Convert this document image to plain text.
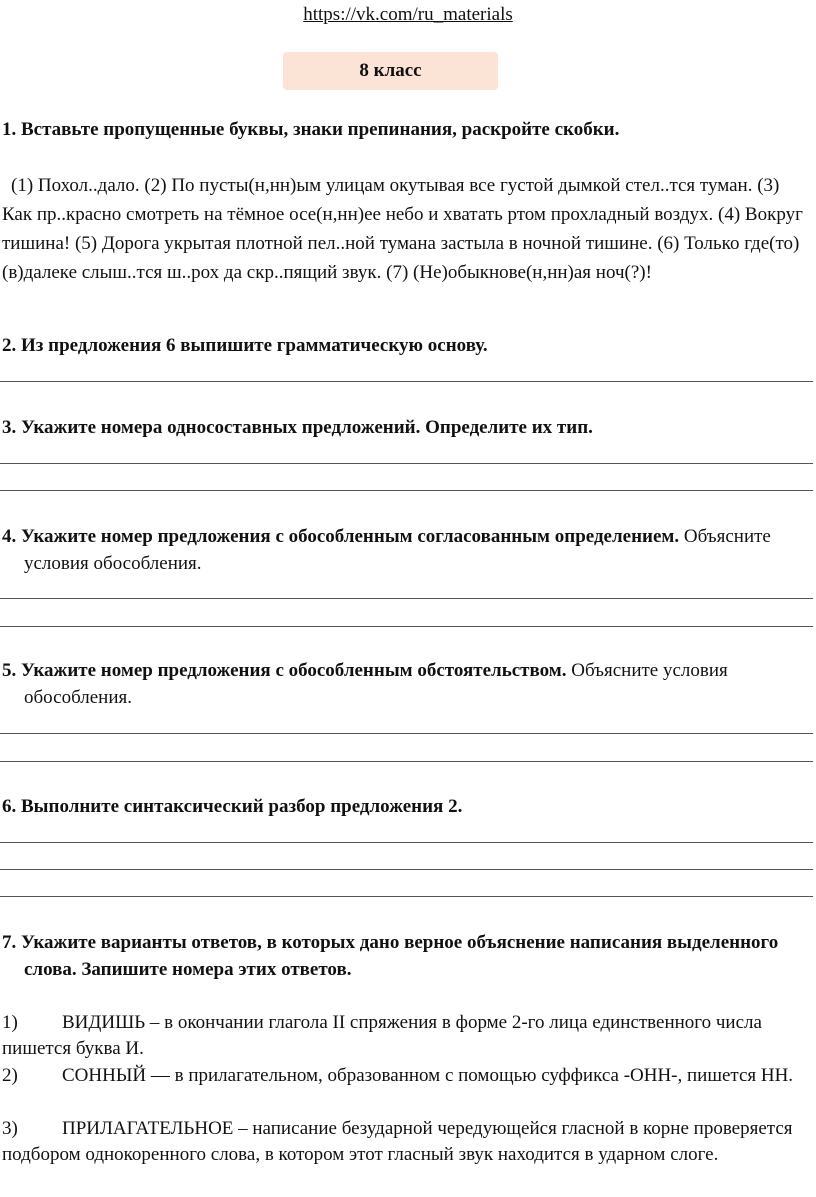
https://vk.com/ru_materials
8 класс
1. Вставьте пропущенные буквы, знаки препинания, раскройте скобки.
(1) Похол..дало. (2) По пусты(н,нн)ым улицам окутывая все густой дымкой стел..тся туман. (3) Как пр..красно смотреть на тёмное осе(н,нн)ее небо и хватать ртом прохладный воздух. (4) Вокруг тишина! (5) Дорога укрытая плотной пел..ной тумана застыла в ночной тишине. (6) Только где(то) (в)далеке слыш..тся ш..рох да скр..пящий звук. (7) (Не)обыкнове(н,нн)ая ноч(?)!
2. Из предложения 6 выпишите грамматическую основу.
3. Укажите номера односоставных предложений. Определите их тип.
4. Укажите номер предложения с обособленным согласованным определением. Объясните условия обособления.
5. Укажите номер предложения с обособленным обстоятельством. Объясните условия обособления.
6. Выполните синтаксический разбор предложения 2.
7. Укажите варианты ответов, в которых дано верное объяснение написания выделенного слова. Запишите номера этих ответов.
1) ВИДИШЬ – в окончании глагола II спряжения в форме 2-го лица единственного числа пишется буква И.
2) СОННЫЙ — в прилагательном, образованном с помощью суффикса -ОНН-, пишется НН.
3) ПРИЛАГАТЕЛЬНОЕ – написание безударной чередующейся гласной в корне проверяется подбором однокоренного слова, в котором этот гласный звук находится в ударном слоге.
